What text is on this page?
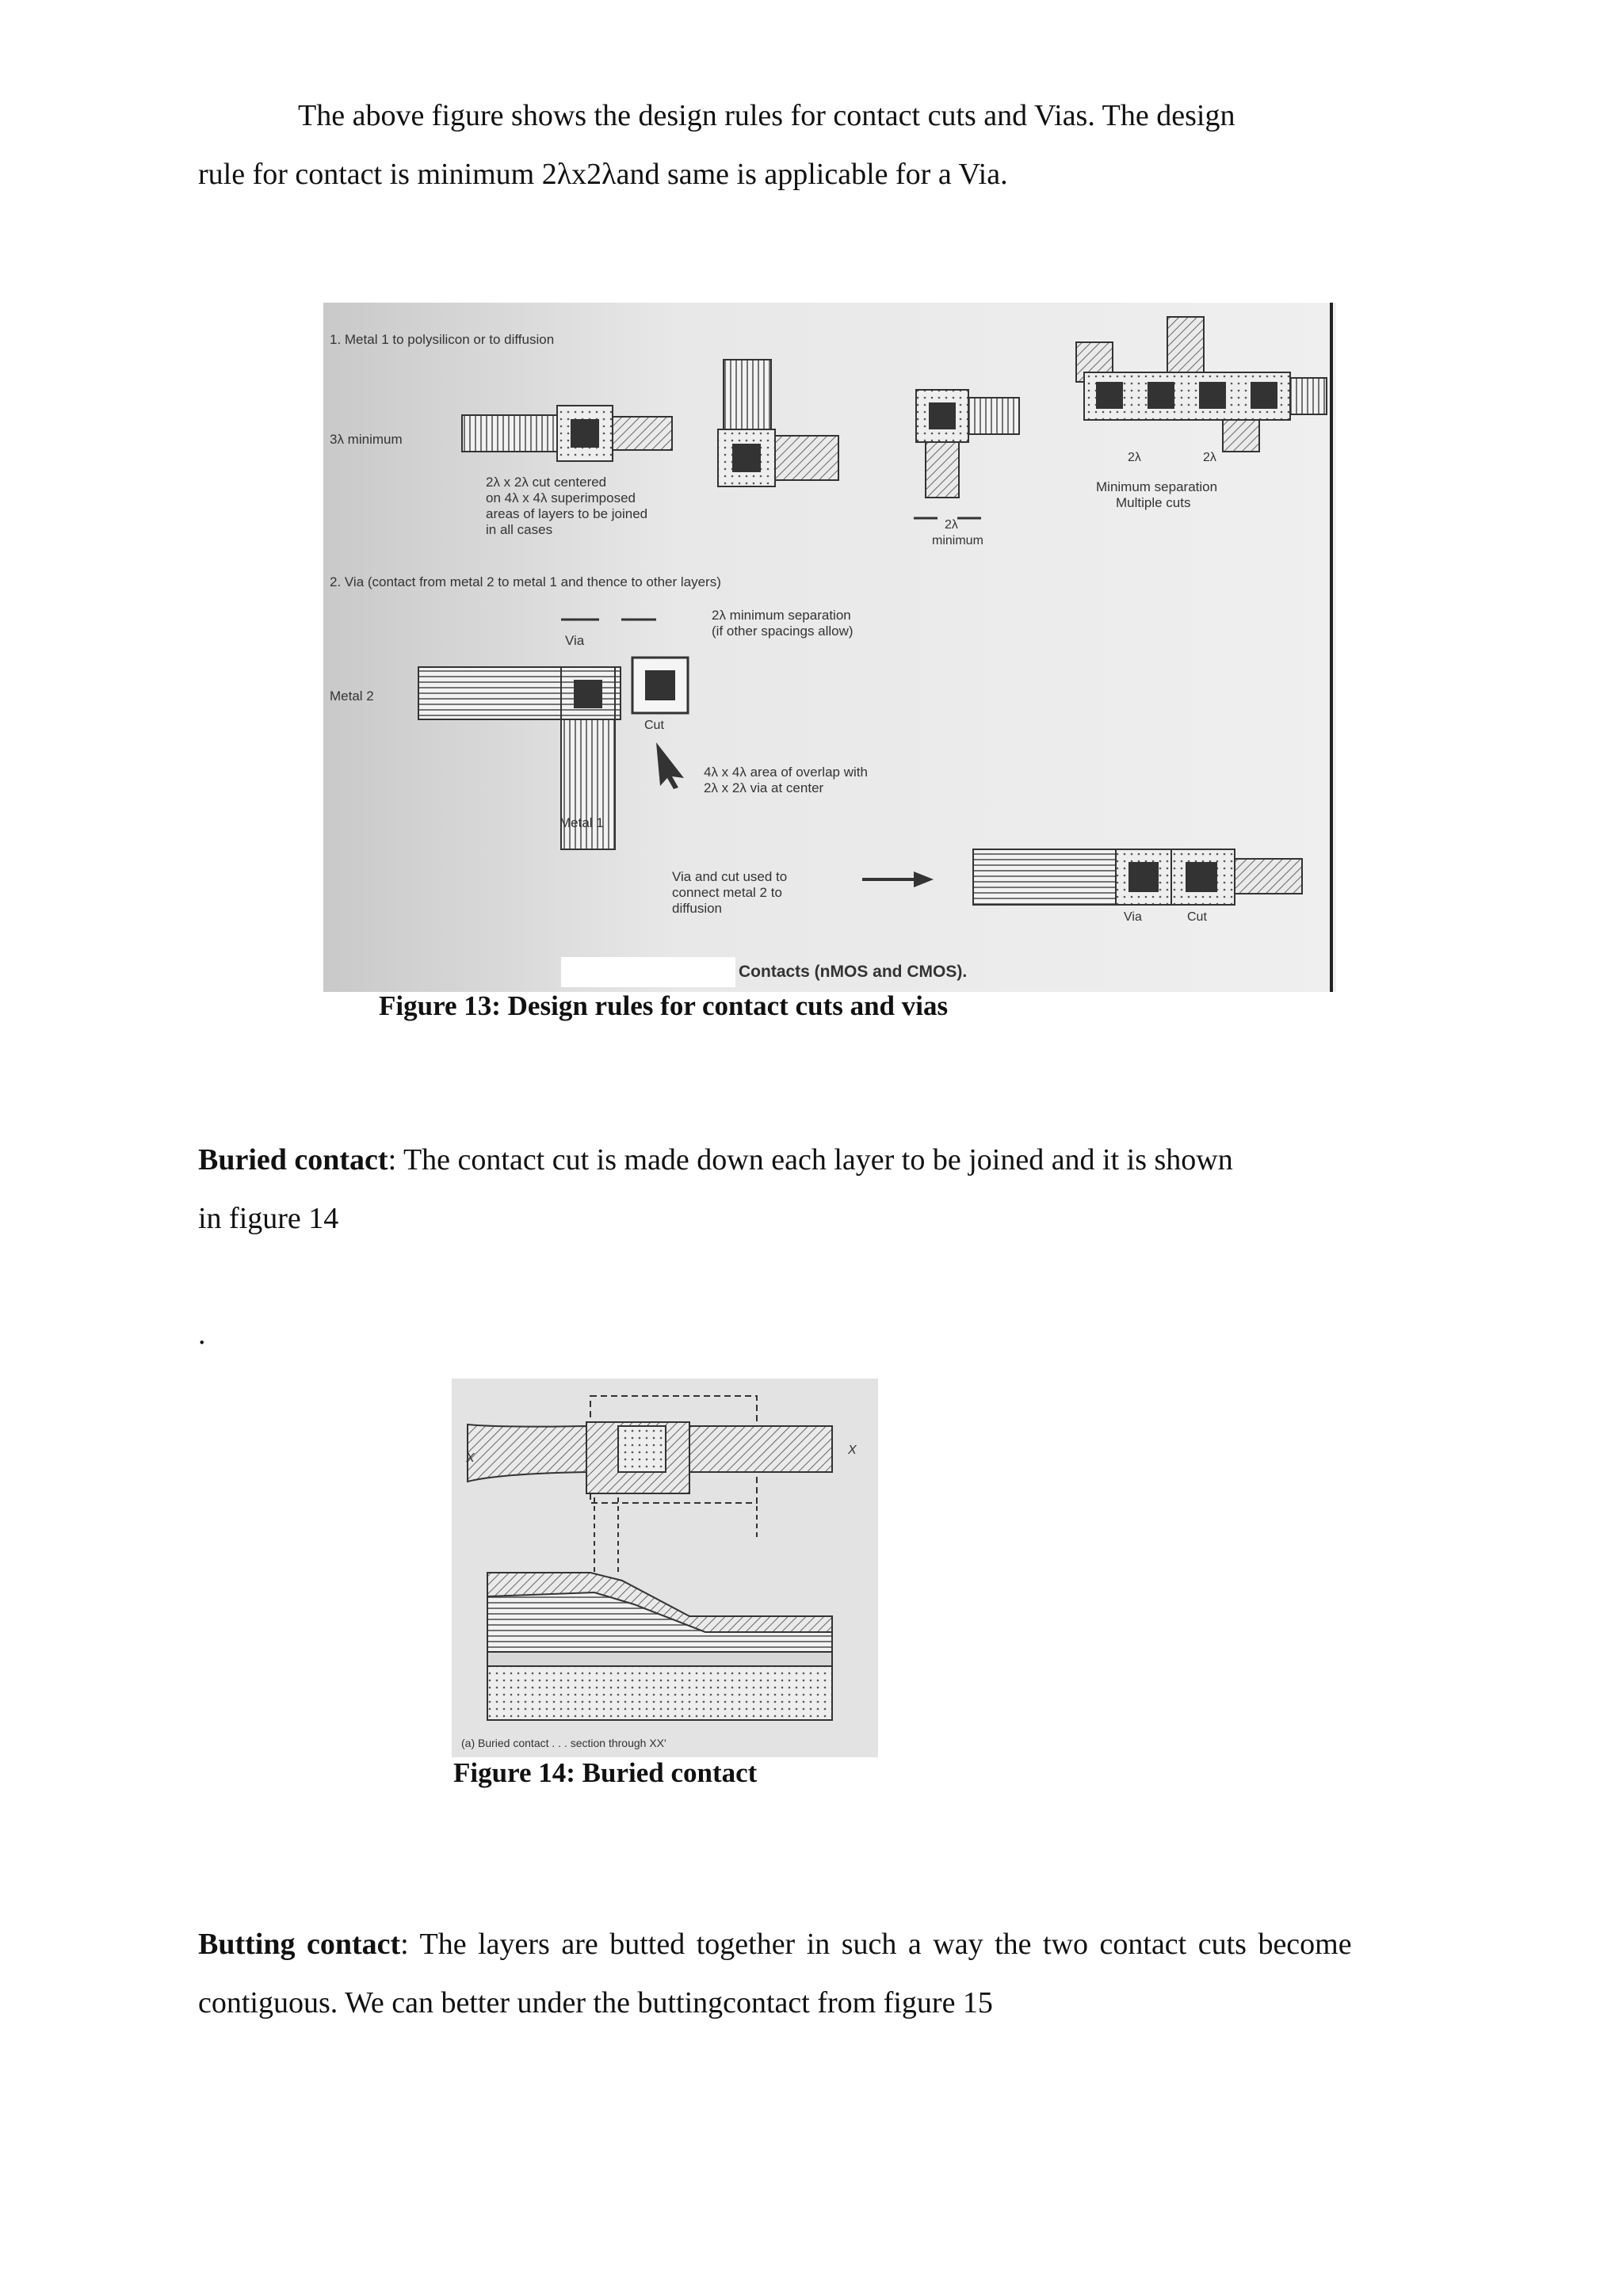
The above figure shows the design rules for contact cuts and Vias. The design

rule for contact is minimum 2λx2λand same is applicable for a Via.

1. Metal 1 to polysilicon or to diffusion
3λ minimum
2λ x 2λ cut centered
on 4λ x 4λ superimposed
areas of layers to be joined
in all cases	2λ
minimum
2λ	2λ
Minimum separation
Multiple cuts
2. Via (contact from metal 2 to metal 1 and thence to other layers)
Via
2λ minimum separation
(if other spacings allow)
Metal 2
Cut
4λ x 4λ area of overlap with
2λ x 2λ via at center
Metal 1
Via and cut used to
connect metal 2 to
diffusion
Via	Cut
Contacts (nMOS and CMOS).

Figure 13: Design rules for contact cuts and vias

Buried contact: The contact cut is made down each layer to be joined and it is shown

in figure 14

.

X
X
(a) Buried contact . . . section through XX'

Figure 14: Buried contact

Butting contact: The layers are butted together in such a way the two contact cuts become

contiguous. We can better under the buttingcontact from figure 15
